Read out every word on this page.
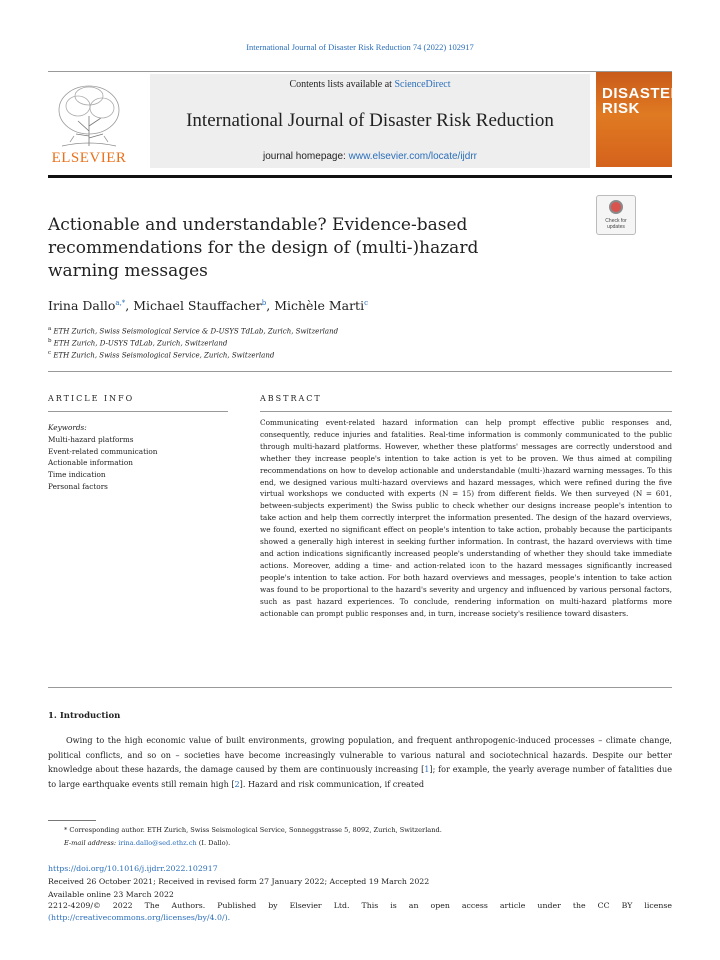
International Journal of Disaster Risk Reduction 74 (2022) 102917
ELSEVIER
Contents lists available at ScienceDirect
International Journal of Disaster Risk Reduction
journal homepage: www.elsevier.com/locate/ijdrr
DISASTER RISK
Check for updates
Actionable and understandable? Evidence-based
recommendations for the design of (multi-)hazard
warning messages
Irina Dallo$^{a,*}$, Michael Stauffacher$^b$, Michèle Marti$^c$
$^a$ ETH Zurich, Swiss Seismological Service & D-USYS TdLab, Zurich, Switzerland
$^b$ ETH Zurich, D-USYS TdLab, Zurich, Switzerland
$^c$ ETH Zurich, Swiss Seismological Service, Zurich, Switzerland
ARTICLE INFO	ABSTRACT
Keywords:
Multi-hazard platforms
Event-related communication
Actionable information
Time indication
Personal factors
Communicating event-related hazard information can help prompt effective public responses and, consequently, reduce injuries and fatalities. Real-time information is commonly communicated to the public through multi-hazard platforms. However, whether these platforms' messages are correctly understood and whether they increase people's intention to take action is yet to be proven. We thus aimed at compiling recommendations on how to develop actionable and understandable (multi-)hazard warning messages. To this end, we designed various multi-hazard overviews and hazard messages, which were refined during the five virtual workshops we conducted with experts (N = 15) from different fields. We then surveyed (N = 601, between-subjects experiment) the Swiss public to check whether our designs increase people's intention to take action and help them correctly interpret the information presented. The design of the hazard overviews, we found, exerted no significant effect on people's intention to take action, probably because the participants showed a generally high interest in seeking further information. In contrast, the hazard overviews with time and action indications significantly increased people's understanding of whether they should take immediate actions. Moreover, adding a time- and action-related icon to the hazard messages significantly increased people's intention to take action. For both hazard overviews and messages, people's intention to take action was found to be proportional to the hazard's severity and urgency and influenced by various personal factors, such as past hazard experiences. To conclude, rendering information on multi-hazard platforms more actionable can prompt public responses and, in turn, increase society's resilience toward disasters.
1. Introduction
Owing to the high economic value of built environments, growing population, and frequent anthropogenic-induced processes – climate change, political conflicts, and so on – societies have become increasingly vulnerable to various natural and sociotechnical hazards. Despite our better knowledge about these hazards, the damage caused by them are continuously increasing [1]; for example, the yearly average number of fatalities due to large earthquake events still remain high [2]. Hazard and risk communication, if created
* Corresponding author. ETH Zurich, Swiss Seismological Service, Sonneggstrasse 5, 8092, Zurich, Switzerland.
E-mail address: irina.dallo@sed.ethz.ch (I. Dallo).
https://doi.org/10.1016/j.ijdrr.2022.102917
Received 26 October 2021; Received in revised form 27 January 2022; Accepted 19 March 2022
Available online 23 March 2022
2212-4209/© 2022 The Authors. Published by Elsevier Ltd. This is an open access article under the CC BY license
(http://creativecommons.org/licenses/by/4.0/).
